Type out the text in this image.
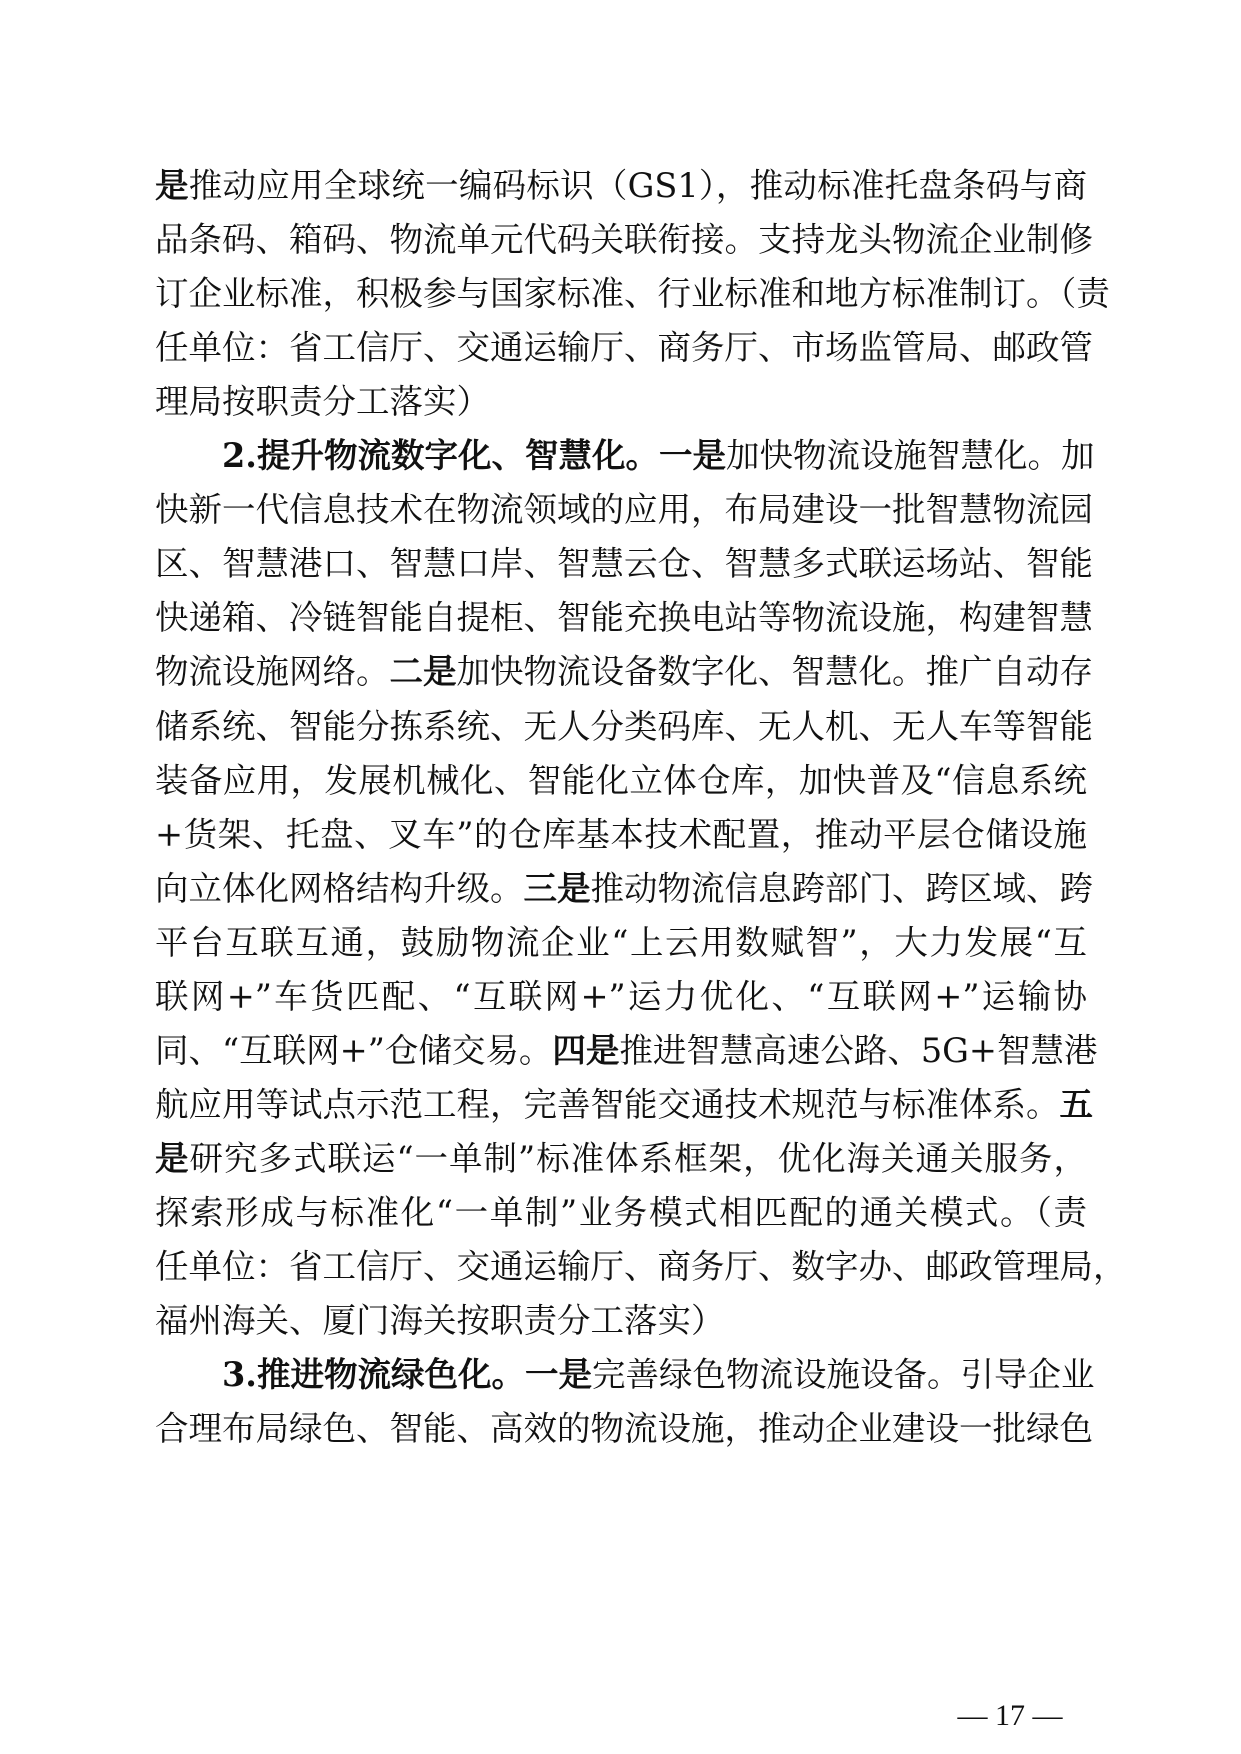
是推动应用全球统一编码标识（GS1），推动标准托盘条码与商
品条码、箱码、物流单元代码关联衔接。支持龙头物流企业制修
订企业标准，积极参与国家标准、行业标准和地方标准制订。（责
任单位：省工信厅、交通运输厅、商务厅、市场监管局、邮政管
理局按职责分工落实）
2.提升物流数字化、智慧化。一是加快物流设施智慧化。加
快新一代信息技术在物流领域的应用，布局建设一批智慧物流园
区、智慧港口、智慧口岸、智慧云仓、智慧多式联运场站、智能
快递箱、冷链智能自提柜、智能充换电站等物流设施，构建智慧
物流设施网络。二是加快物流设备数字化、智慧化。推广自动存
储系统、智能分拣系统、无人分类码库、无人机、无人车等智能
装备应用，发展机械化、智能化立体仓库，加快普及“信息系统
+货架、托盘、叉车”的仓库基本技术配置，推动平层仓储设施
向立体化网格结构升级。三是推动物流信息跨部门、跨区域、跨
平台互联互通，鼓励物流企业“上云用数赋智”，大力发展“互
联网+”车货匹配、“互联网+”运力优化、“互联网+”运输协
同、“互联网+”仓储交易。四是推进智慧高速公路、5G+智慧港
航应用等试点示范工程，完善智能交通技术规范与标准体系。五
是研究多式联运“一单制”标准体系框架，优化海关通关服务，
探索形成与标准化“一单制”业务模式相匹配的通关模式。（责
任单位：省工信厅、交通运输厅、商务厅、数字办、邮政管理局，
福州海关、厦门海关按职责分工落实）
3.推进物流绿色化。一是完善绿色物流设施设备。引导企业
合理布局绿色、智能、高效的物流设施，推动企业建设一批绿色
— 17 —
